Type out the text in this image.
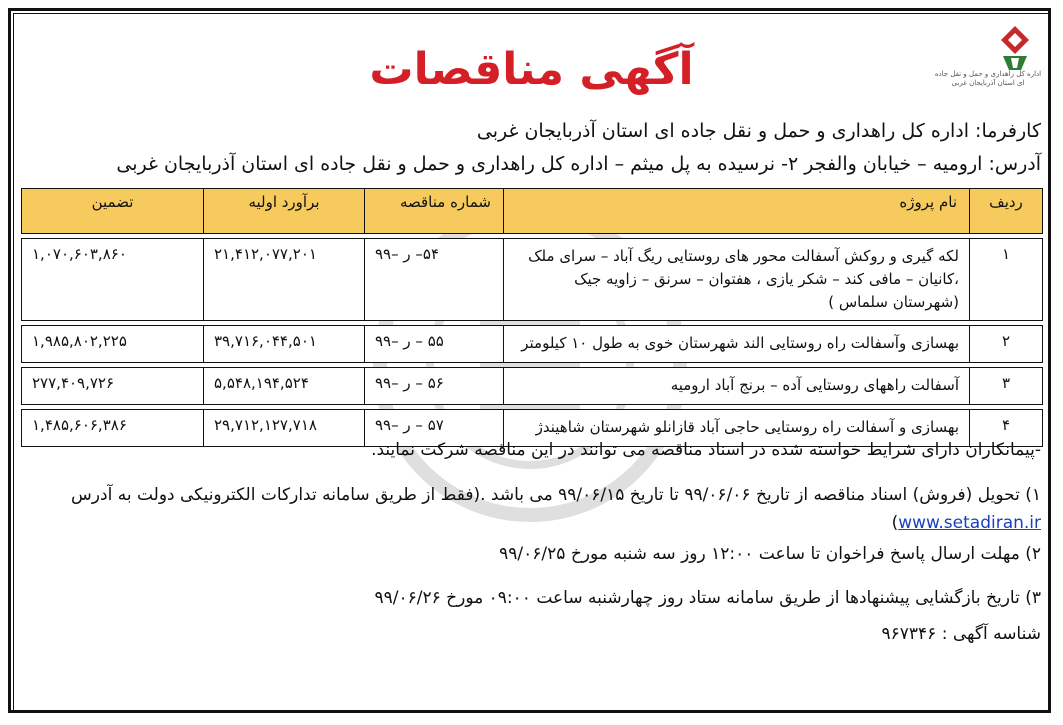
اداره کل راهداری و حمل و نقل جاده ای استان آذربایجان غربی
آگهی مناقصات
کارفرما: اداره کل راهداری و حمل و نقل جاده ای استان آذربایجان غربی
آدرس: ارومیه – خیابان والفجر ۲- نرسیده به پل میثم – اداره کل راهداری و حمل و نقل جاده ای استان آذربایجان غربی
ردیف	نام پروژه	شماره مناقصه	برآورد اولیه	تضمین
۱	لکه گیری و روکش آسفالت محور های روستایی ریگ آباد – سرای ملک ،کانیان – مافی کند – شکر یازی ، هفتوان – سرنق – زاویه جیک (شهرستان سلماس )	۵۴– ر –۹۹	۲۱,۴۱۲,۰۷۷,۲۰۱	۱,۰۷۰,۶۰۳,۸۶۰
۲	بهسازی وآسفالت راه روستایی الند شهرستان خوی به طول ۱۰ کیلومتر	۵۵ – ر –۹۹	۳۹,۷۱۶,۰۴۴,۵۰۱	۱,۹۸۵,۸۰۲,۲۲۵
۳	آسفالت راههای روستایی آده – برنج آباد ارومیه	۵۶ – ر –۹۹	۵,۵۴۸,۱۹۴,۵۲۴	۲۷۷,۴۰۹,۷۲۶
۴	بهسازی و آسفالت راه روستایی حاجی آباد قازانلو شهرستان شاهیندژ	۵۷ – ر –۹۹	۲۹,۷۱۲,۱۲۷,۷۱۸	۱,۴۸۵,۶۰۶,۳۸۶
-پیمانکاران دارای شرایط خواسته شده در اسناد مناقصه می توانند در این مناقصه شرکت نمایند.
۱) تحویل (فروش) اسناد مناقصه از تاریخ ۹۹/۰۶/۰۶ تا تاریخ ۹۹/۰۶/۱۵ می باشد .(فقط از طریق سامانه تدارکات الکترونیکی دولت به آدرس www.setadiran.ir)
۲) مهلت ارسال پاسخ فراخوان تا ساعت ۱۲:۰۰ روز سه شنبه مورخ ۹۹/۰۶/۲۵
۳) تاریخ بازگشایی پیشنهادها از طریق سامانه ستاد روز چهارشنبه ساعت ۰۹:۰۰ مورخ ۹۹/۰۶/۲۶
شناسه آگهی : ۹۶۷۳۴۶
